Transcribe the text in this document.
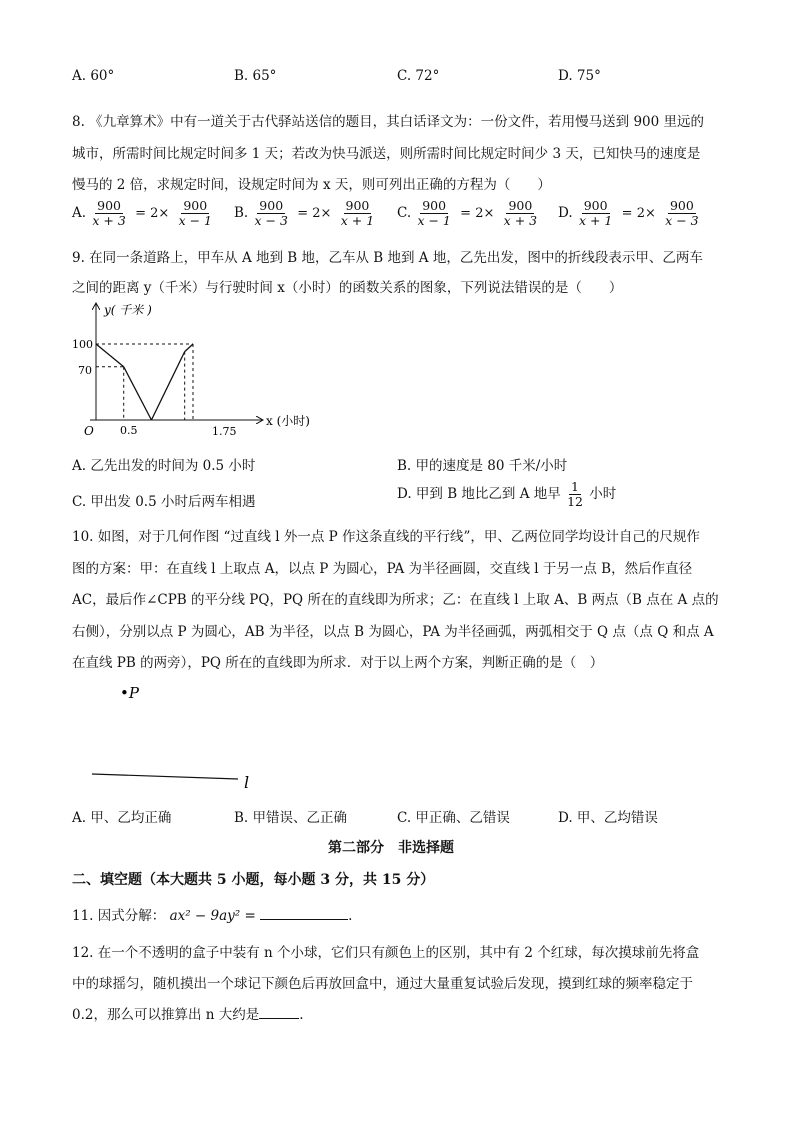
A. 60°	B. 65°	C. 72°	D. 75°
8. 《九章算术》中有一道关于古代驿站送信的题目，其白话译文为：一份文件，若用慢马送到 900 里远的
城市，所需时间比规定时间多 1 天；若改为快马派送，则所需时间比规定时间少 3 天，已知快马的速度是
慢马的 2 倍，求规定时间，设规定时间为 x 天，则可列出正确的方程为（　　）
A. $\frac{900}{x + 3} = 2\times \frac{900}{x - 1} B$. $\frac{900}{x - 3} = 2\times \frac{900}{x + 1} C$. $\frac{900}{x - 1} = 2\times \frac{900}{x + 3} D$. $\frac{900}{x + 1} = 2\times \frac{900}{x - 3}$
9. 在同一条道路上，甲车从 A 地到 B 地，乙车从 B 地到 A 地，乙先出发，图中的折线段表示甲、乙两车
之间的距离 y（千米）与行驶时间 x（小时）的函数关系的图象，下列说法错误的是（　　）
y( 千米 )
x (小时)
O
100
70
0.5	1.75
A. 乙先出发的时间为 0.5 小时	B. 甲的速度是 80 千米/小时
C. 甲出发 0.5 小时后两车相遇
D. 甲到 B 地比乙到 A 地早 $\frac{1}{12}$ 小时
10. 如图，对于几何作图 “过直线 l 外一点 P 作这条直线的平行线”，甲、乙两位同学均设计自己的尺规作
图的方案：甲：在直线 l 上取点 A，以点 P 为圆心，PA 为半径画圆，交直线 l 于另一点 B，然后作直径
AC，最后作∠CPB 的平分线 PQ，PQ 所在的直线即为所求；乙：在直线 l 上取 A、B 两点（B 点在 A 点的
右侧），分别以点 P 为圆心，AB 为半径，以点 B 为圆心，PA 为半径画弧，两弧相交于 Q 点（点 Q 和点 A
在直线 PB 的两旁），PQ 所在的直线即为所求．对于以上两个方案，判断正确的是（　）
•P
l
A. 甲、乙均正确	B. 甲错误、乙正确	C. 甲正确、乙错误	D. 甲、乙均错误
第二部分　非选择题
二、填空题（本大题共 5 小题，每小题 3 分，共 15 分）
11. 因式分解： ax² − 9ay² =	.
12. 在一个不透明的盒子中装有 n 个小球，它们只有颜色上的区别，其中有 2 个红球，每次摸球前先将盒
中的球摇匀，随机摸出一个球记下颜色后再放回盒中，通过大量重复试验后发现，摸到红球的频率稳定于
0.2，那么可以推算出 n 大约是	.
